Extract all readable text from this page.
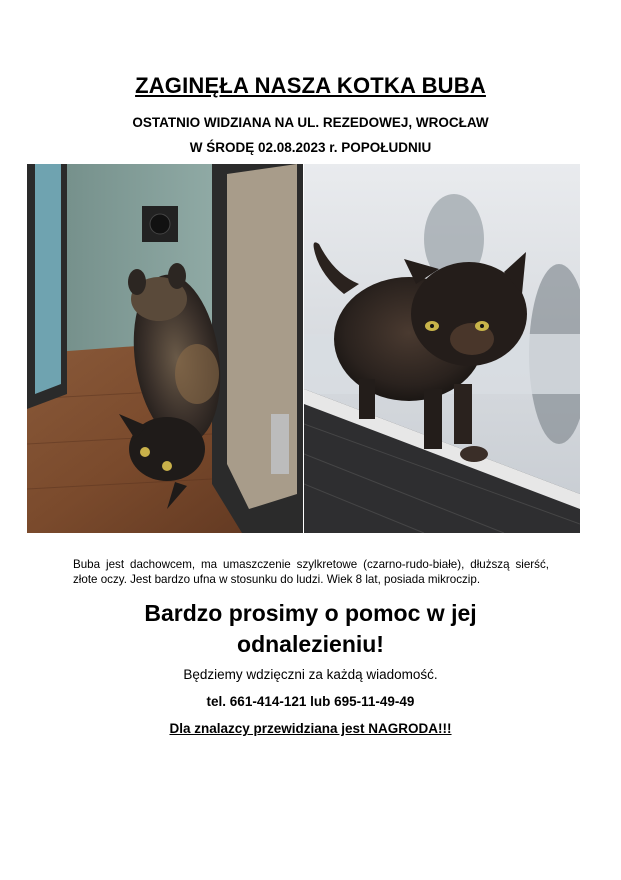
ZAGINĘŁA NASZA KOTKA BUBA
OSTATNIO WIDZIANA NA UL. REZEDOWEJ, WROCŁAW
W ŚRODĘ 02.08.2023 r. POPOŁUDNIU
Buba jest dachowcem, ma umaszczenie szylkretowe (czarno-rudo-białe), dłuższą sierść, złote oczy. Jest bardzo ufna w stosunku do ludzi. Wiek 8 lat, posiada mikroczip.
Bardzo prosimy o pomoc w jej
odnalezieniu!
Będziemy wdzięczni za każdą wiadomość.
tel. 661-414-121 lub 695-11-49-49
Dla znalazcy przewidziana jest NAGRODA!!!
